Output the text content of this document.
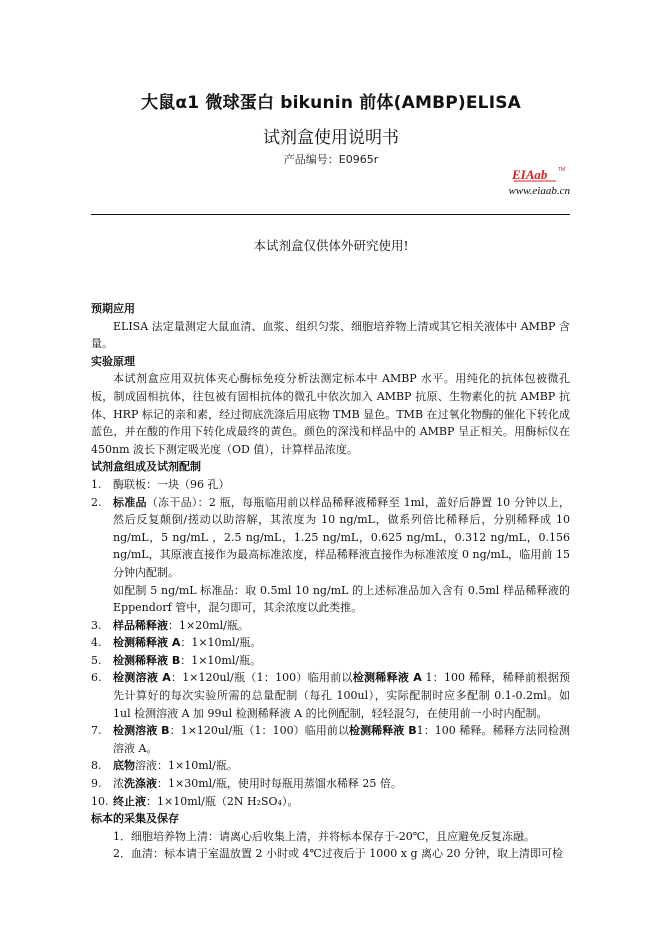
大鼠α1 微球蛋白 bikunin 前体(AMBP)ELISA
试剂盒使用说明书
产品编号：E0965r
EIAab TM
www.eiaab.cn
本试剂盒仅供体外研究使用!
预期应用
ELISA 法定量测定大鼠血清、血浆、组织匀浆、细胞培养物上清或其它相关液体中 AMBP 含量。
实验原理
本试剂盒应用双抗体夹心酶标免疫分析法测定标本中 AMBP 水平。用纯化的抗体包被微孔板，制成固相抗体，往包被有固相抗体的微孔中依次加入 AMBP 抗原、生物素化的抗 AMBP 抗体、HRP 标记的亲和素，经过彻底洗涤后用底物 TMB 显色。TMB 在过氧化物酶的催化下转化成蓝色，并在酸的作用下转化成最终的黄色。颜色的深浅和样品中的 AMBP 呈正相关。用酶标仪在 450nm 波长下测定吸光度（OD 值），计算样品浓度。
试剂盒组成及试剂配制
1. 酶联板：一块（96 孔）
2. 标准品（冻干品）：2 瓶，每瓶临用前以样品稀释液稀释至 1ml，盖好后静置 10 分钟以上，然后反复颠倒/搓动以助溶解，其浓度为 10 ng/mL，做系列倍比稀释后，分别稀释成 10 ng/mL，5 ng/mL ，2.5 ng/mL，1.25 ng/mL，0.625 ng/mL，0.312 ng/mL，0.156 ng/mL，其原液直接作为最高标准浓度，样品稀释液直接作为标准浓度 0 ng/mL，临用前 15 分钟内配制。
如配制 5 ng/mL 标准品：取 0.5ml 10 ng/mL 的上述标准品加入含有 0.5ml 样品稀释液的 Eppendorf 管中，混匀即可，其余浓度以此类推。
3. 样品稀释液：1×20ml/瓶。
4. 检测稀释液 A：1×10ml/瓶。
5. 检测稀释液 B：1×10ml/瓶。
6. 检测溶液 A：1×120ul/瓶（1：100）临用前以检测稀释液 A 1：100 稀释，稀释前根据预先计算好的每次实验所需的总量配制（每孔 100ul），实际配制时应多配制 0.1-0.2ml。如 1ul 检测溶液 A 加 99ul 检测稀释液 A 的比例配制，轻轻混匀，在使用前一小时内配制。
7. 检测溶液 B：1×120ul/瓶（1：100）临用前以检测稀释液 B1：100 稀释。稀释方法同检测溶液 A。
8. 底物溶液：1×10ml/瓶。
9. 浓洗涤液：1×30ml/瓶，使用时每瓶用蒸馏水稀释 25 倍。
10. 终止液：1×10ml/瓶（2N H₂SO₄）。
标本的采集及保存
1．细胞培养物上清：请离心后收集上清，并将标本保存于-20℃，且应避免反复冻融。
2．血清：标本请于室温放置 2 小时或 4℃过夜后于 1000 x g 离心 20 分钟，取上清即可检
